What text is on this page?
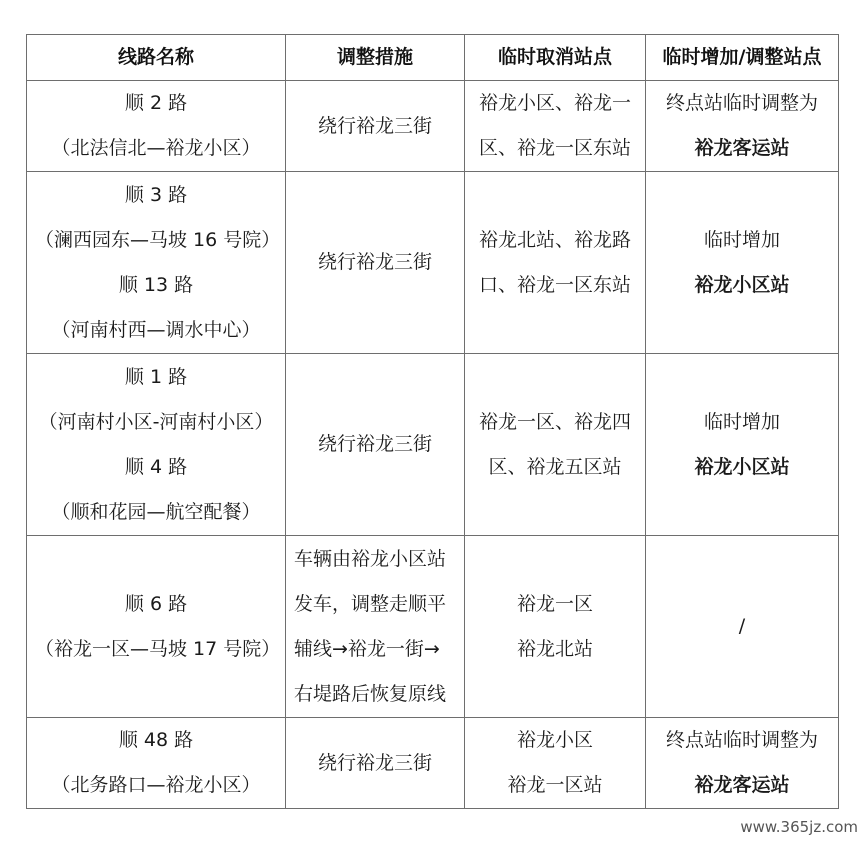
线路名称	调整措施	临时取消站点	临时增加/调整站点

顺 2 路
（北法信北—裕龙小区）	绕行裕龙三街	裕龙小区、裕龙一
区、裕龙一区东站	终点站临时调整为
裕龙客运站

顺 3 路
（澜西园东—马坡 16 号院）
顺 13 路
（河南村西—调水中心）	绕行裕龙三街	裕龙北站、裕龙路
口、裕龙一区东站	临时增加
裕龙小区站

顺 1 路
（河南村小区-河南村小区）
顺 4 路
（顺和花园—航空配餐）	绕行裕龙三街	裕龙一区、裕龙四
区、裕龙五区站	临时增加
裕龙小区站

顺 6 路
（裕龙一区—马坡 17 号院）	车辆由裕龙小区站
发车，调整走顺平
辅线→裕龙一街→
右堤路后恢复原线	裕龙一区
裕龙北站	/

顺 48 路
（北务路口—裕龙小区）	绕行裕龙三街	裕龙小区
裕龙一区站	终点站临时调整为
裕龙客运站
www.365jz.com
